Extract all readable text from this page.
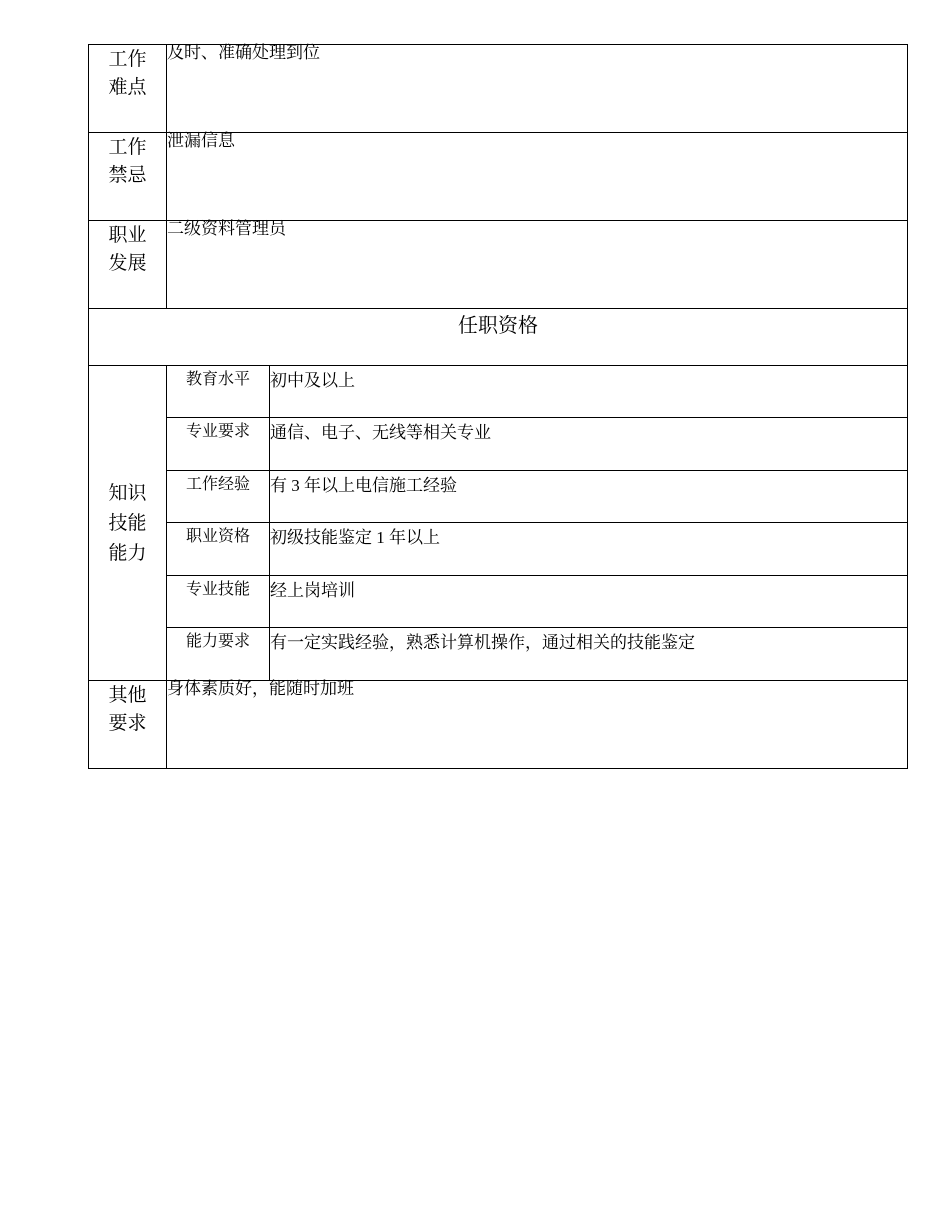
工作难点	及时、准确处理到位	
工作禁忌	泄漏信息	
职业发展	二级资料管理员	
任职资格		
知识技能能力	教育水平	初中及以上
	专业要求	通信、电子、无线等相关专业
	工作经验	有 3 年以上电信施工经验
	职业资格	初级技能鉴定 1 年以上
	专业技能	经上岗培训
	能力要求	有一定实践经验，熟悉计算机操作，通过相关的技能鉴定
其他要求	身体素质好，能随时加班	
